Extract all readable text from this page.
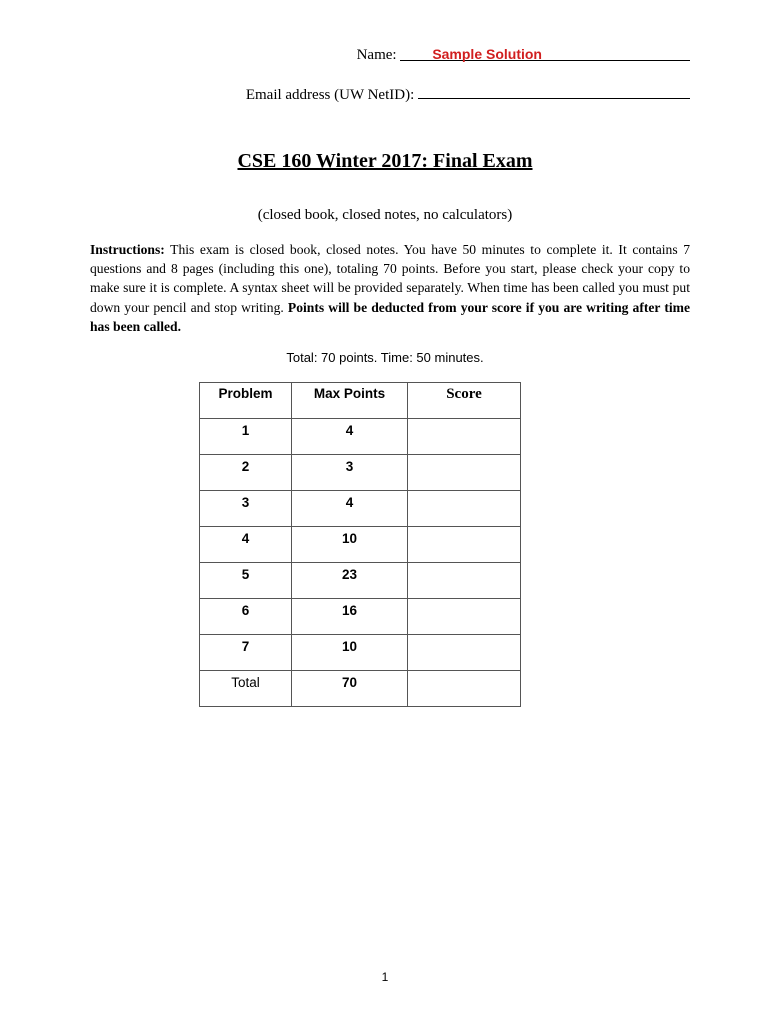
Name:	Sample Solution
Email address (UW NetID):
CSE 160 Winter 2017: Final Exam
(closed book, closed notes, no calculators)
Instructions: This exam is closed book, closed notes. You have 50 minutes to complete it. It contains 7 questions and 8 pages (including this one), totaling 70 points. Before you start, please check your copy to make sure it is complete. A syntax sheet will be provided separately. When time has been called you must put down your pencil and stop writing. Points will be deducted from your score if you are writing after time has been called.
Total: 70 points. Time: 50 minutes.
Problem	Max Points	Score
1	4	
2	3	
3	4	
4	10	
5	23	
6	16	
7	10	
Total	70	
1
